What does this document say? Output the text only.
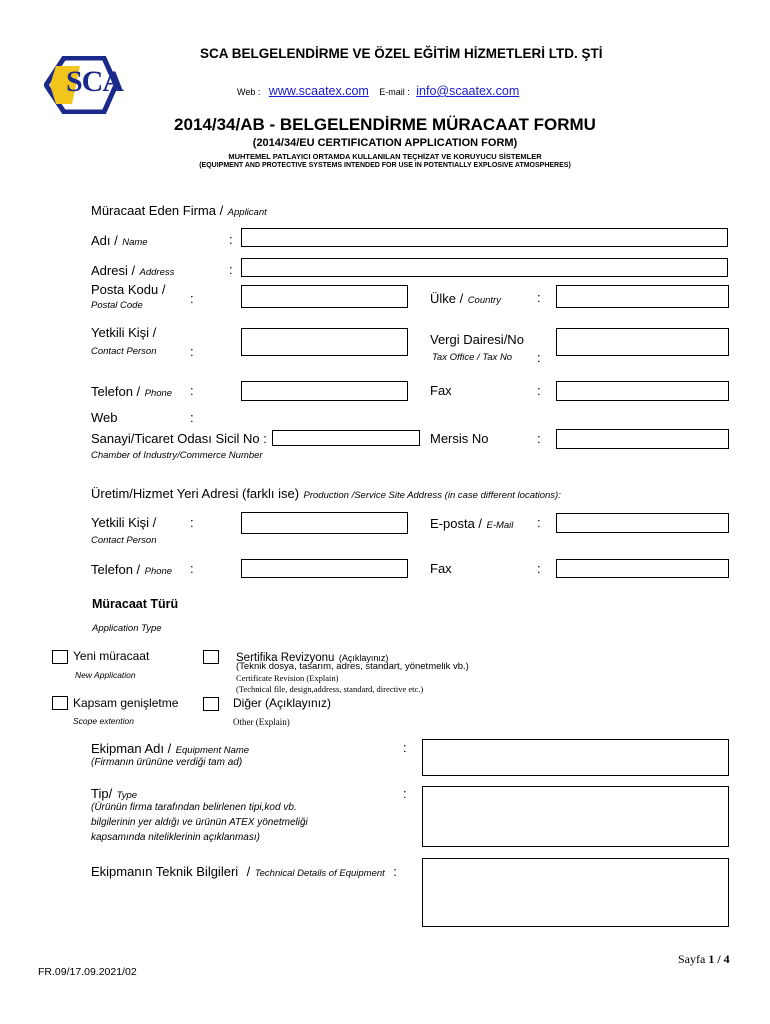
SCA
SCA BELGELENDİRME VE ÖZEL EĞİTİM HİZMETLERİ LTD. ŞTİ
Web : www.scaatex.com E-mail : info@scaatex.com
2014/34/AB - BELGELENDİRME MÜRACAAT FORMU
(2014/34/EU CERTIFICATION APPLICATION FORM)
MUHTEMEL PATLAYICI ORTAMDA KULLANILAN TEÇHİZAT VE KORUYUCU SİSTEMLER
(EQUIPMENT AND PROTECTIVE SYSTEMS INTENDED FOR USE IN POTENTIALLY EXPLOSIVE ATMOSPHERES)
Müracaat Eden Firma / Applicant
Adı / Name	:
Adresi / Address	:
Posta Kodu /
Postal Code	:	Ülke / Country	:
Yetkili Kişi /
Contact Person	:
Vergi Dairesi/No
Tax Office / Tax No :
Telefon / Phone :	Fax	:
Web	:
Sanayi/Ticaret Odası Sicil No :
Chamber of Industry/Commerce Number
Mersis No	:
Üretim/Hizmet Yeri Adresi (farklı ise) Production /Service Site Address (in case different locations):
Yetkili Kişi /
Contact Person
:	E-posta / E-Mail :
Telefon / Phone :	Fax	:
Müracaat Türü
Application Type
Yeni müracaat
New Application
Sertifika Revizyonu (Açıklayınız)
(Teknik dosya, tasarım, adres, standart, yönetmelik vb.)
Certificate Revision (Explain)
(Technical file, design,address, standard, directive etc.)
Kapsam genişletme
Scope extention
Diğer (Açıklayınız)
Other (Explain)
Ekipman Adı / Equipment Name
(Firmanın ürününe verdiği tam ad)
:
Tip/ Type
(Ürünün firma tarafından belirlenen tipi,kod vb.
bilgilerinin yer aldığı ve ürünün ATEX yönetmeliği
kapsamında niteliklerinin açıklanması)
:
Ekipmanın Teknik Bilgileri / Technical Details of Equipment :
Sayfa 1 / 4
FR.09/17.09.2021/02
